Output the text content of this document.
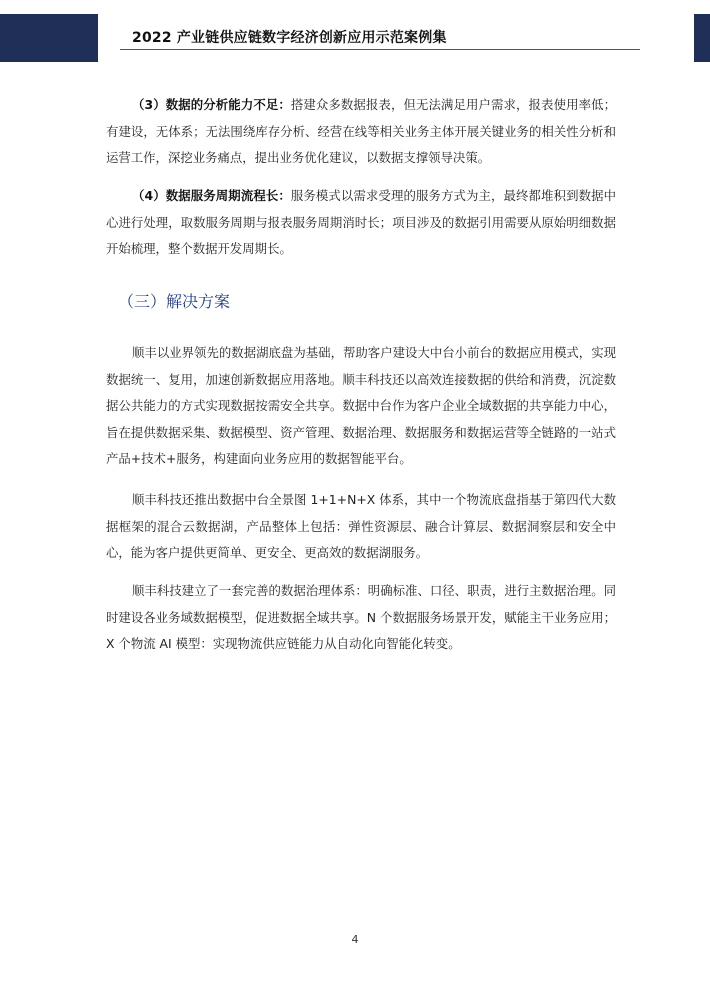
2022 产业链供应链数字经济创新应用示范案例集

（3）数据的分析能力不足：搭建众多数据报表，但无法满足用户需求，报表使用率低；有建设，无体系；无法围绕库存分析、经营在线等相关业务主体开展关键业务的相关性分析和运营工作，深挖业务痛点，提出业务优化建议，以数据支撑领导决策。

（4）数据服务周期流程长：服务模式以需求受理的服务方式为主，最终都堆积到数据中心进行处理，取数服务周期与报表服务周期消时长；项目涉及的数据引用需要从原始明细数据开始梳理，整个数据开发周期长。

（三）解决方案

顺丰以业界领先的数据湖底盘为基础，帮助客户建设大中台小前台的数据应用模式，实现数据统一、复用，加速创新数据应用落地。顺丰科技还以高效连接数据的供给和消费，沉淀数据公共能力的方式实现数据按需安全共享。数据中台作为客户企业全域数据的共享能力中心，旨在提供数据采集、数据模型、资产管理、数据治理、数据服务和数据运营等全链路的一站式产品+技术+服务，构建面向业务应用的数据智能平台。

顺丰科技还推出数据中台全景图 1+1+N+X 体系，其中一个物流底盘指基于第四代大数据框架的混合云数据湖，产品整体上包括：弹性资源层、融合计算层、数据洞察层和安全中心，能为客户提供更简单、更安全、更高效的数据湖服务。

顺丰科技建立了一套完善的数据治理体系：明确标准、口径、职责，进行主数据治理。同时建设各业务域数据模型，促进数据全域共享。N 个数据服务场景开发，赋能主干业务应用；X 个物流 AI 模型：实现物流供应链能力从自动化向智能化转变。

4
